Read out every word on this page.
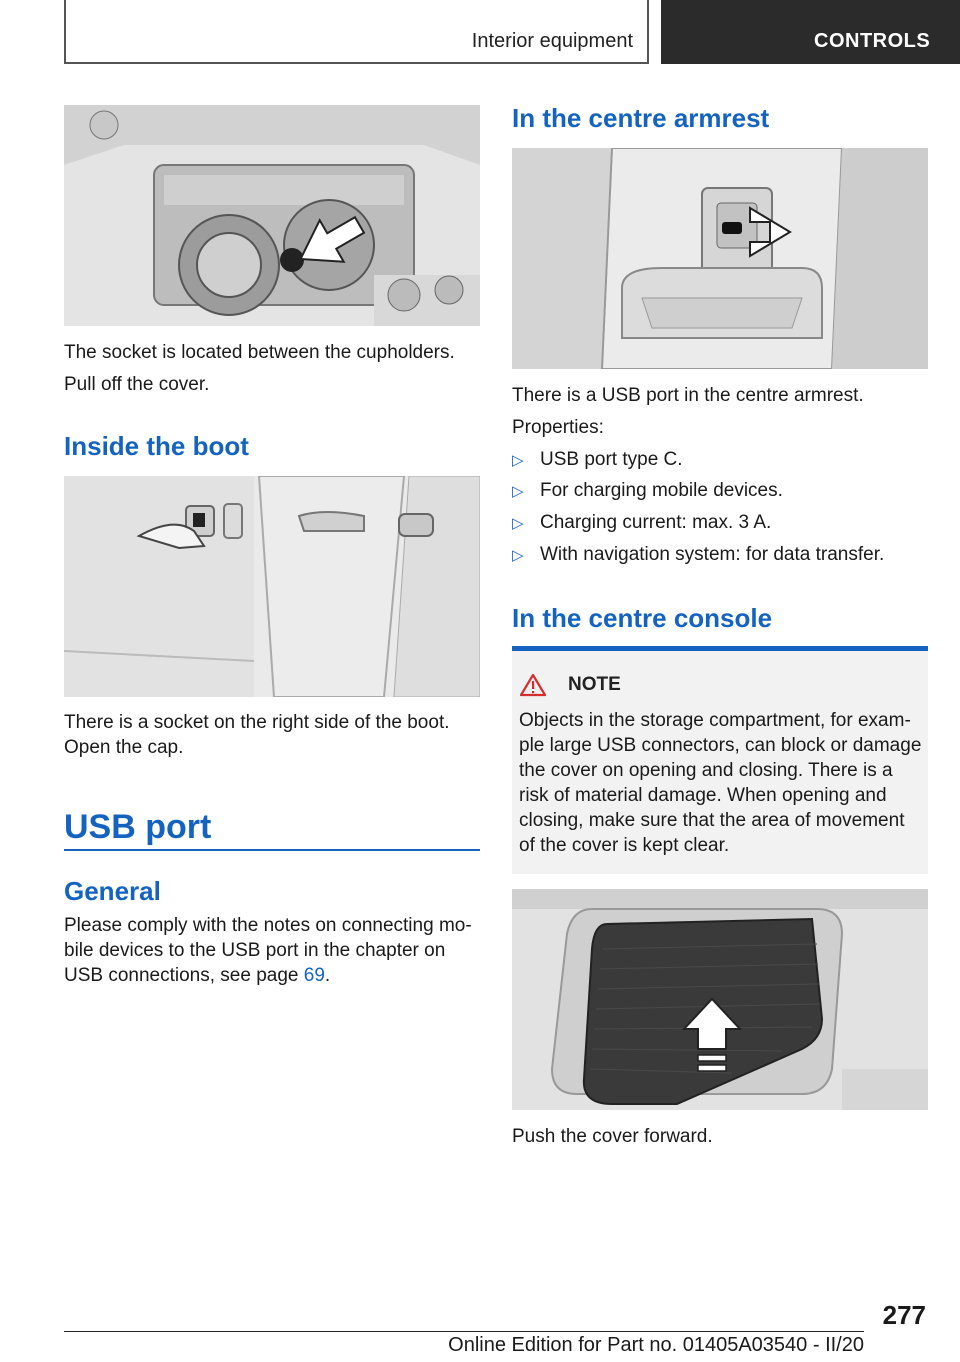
Interior equipment	CONTROLS
The socket is located between the cupholders.
Pull off the cover.
Inside the boot
There is a socket on the right side of the boot.
Open the cap.
USB port
General
Please comply with the notes on connecting mo-
bile devices to the USB port in the chapter on
USB connections, see page 69.
In the centre armrest
There is a USB port in the centre armrest.
Properties:
▷ USB port type C.
▷ For charging mobile devices.
▷ Charging current: max. 3 A.
▷ With navigation system: for data transfer.
In the centre console
NOTE
Objects in the storage compartment, for exam-
ple large USB connectors, can block or damage
the cover on opening and closing. There is a
risk of material damage. When opening and
closing, make sure that the area of movement
of the cover is kept clear.
Push the cover forward.
277
Online Edition for Part no. 01405A03540 - II/20
